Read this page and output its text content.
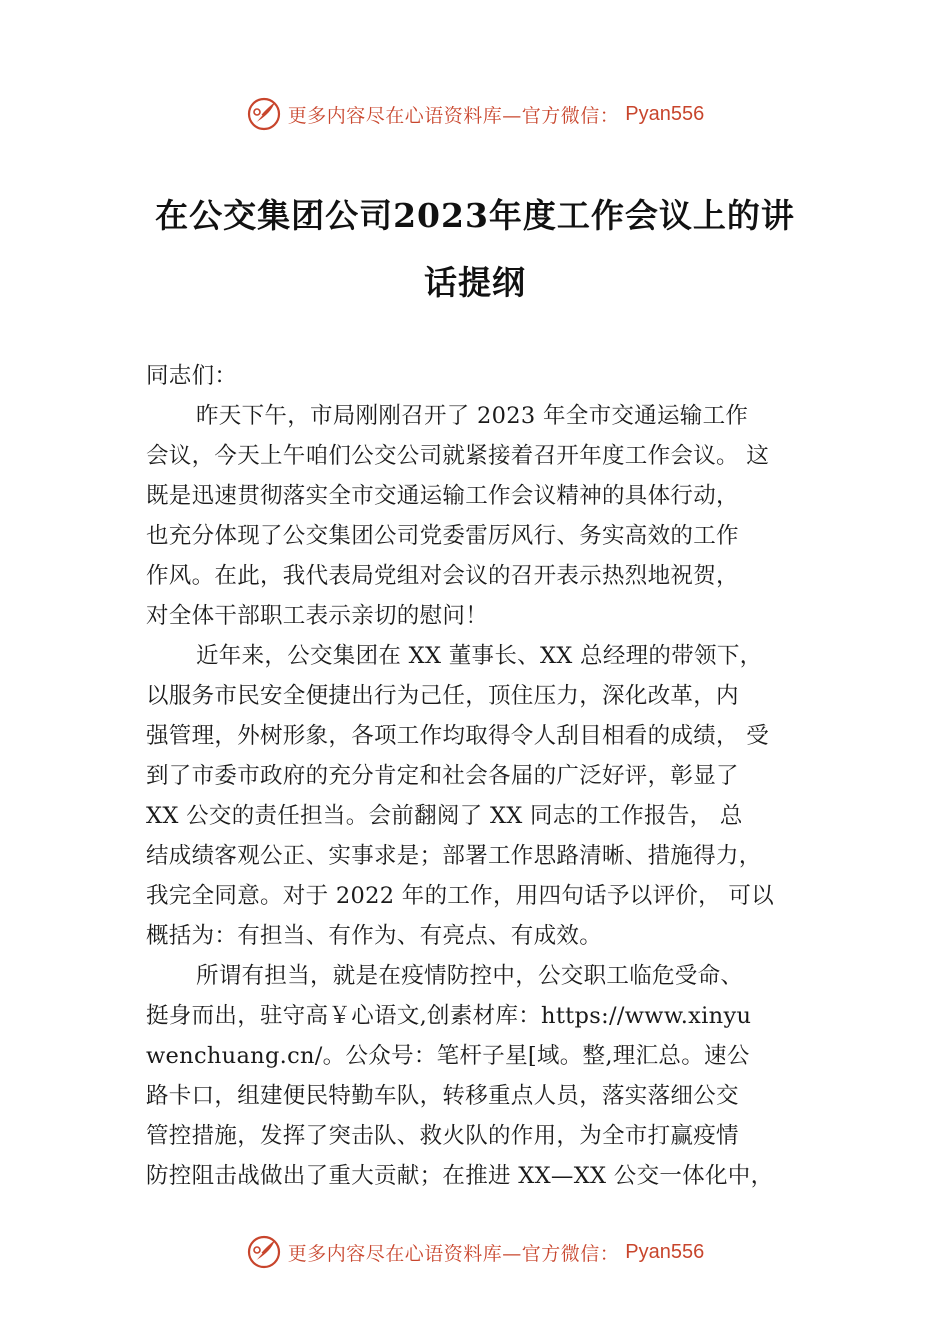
更多内容尽在心语资料库—官方微信： Pyan556
在公交集团公司2023年度工作会议上的讲
话提纲
同志们：
昨天下午，市局刚刚召开了 2023 年全市交通运输工作
会议，今天上午咱们公交公司就紧接着召开年度工作会议。 这
既是迅速贯彻落实全市交通运输工作会议精神的具体行动，
也充分体现了公交集团公司党委雷厉风行、务实高效的工作
作风。在此，我代表局党组对会议的召开表示热烈地祝贺，
对全体干部职工表示亲切的慰问！
近年来，公交集团在 XX 董事长、XX 总经理的带领下，
以服务市民安全便捷出行为己任，顶住压力，深化改革，内
强管理，外树形象，各项工作均取得令人刮目相看的成绩， 受
到了市委市政府的充分肯定和社会各届的广泛好评，彰显了
XX 公交的责任担当。会前翻阅了 XX 同志的工作报告， 总
结成绩客观公正、实事求是；部署工作思路清晰、措施得力，
我完全同意。对于 2022 年的工作，用四句话予以评价， 可以
概括为：有担当、有作为、有亮点、有成效。
所谓有担当，就是在疫情防控中，公交职工临危受命、
挺身而出，驻守高￥心语文,创素材库：https://www.xinyu
wenchuang.cn/。公众号：笔杆子星[域。整,理汇总。速公
路卡口，组建便民特勤车队，转移重点人员，落实落细公交
管控措施，发挥了突击队、救火队的作用，为全市打赢疫情
防控阻击战做出了重大贡献；在推进 XX—XX 公交一体化中，
更多内容尽在心语资料库—官方微信： Pyan556
